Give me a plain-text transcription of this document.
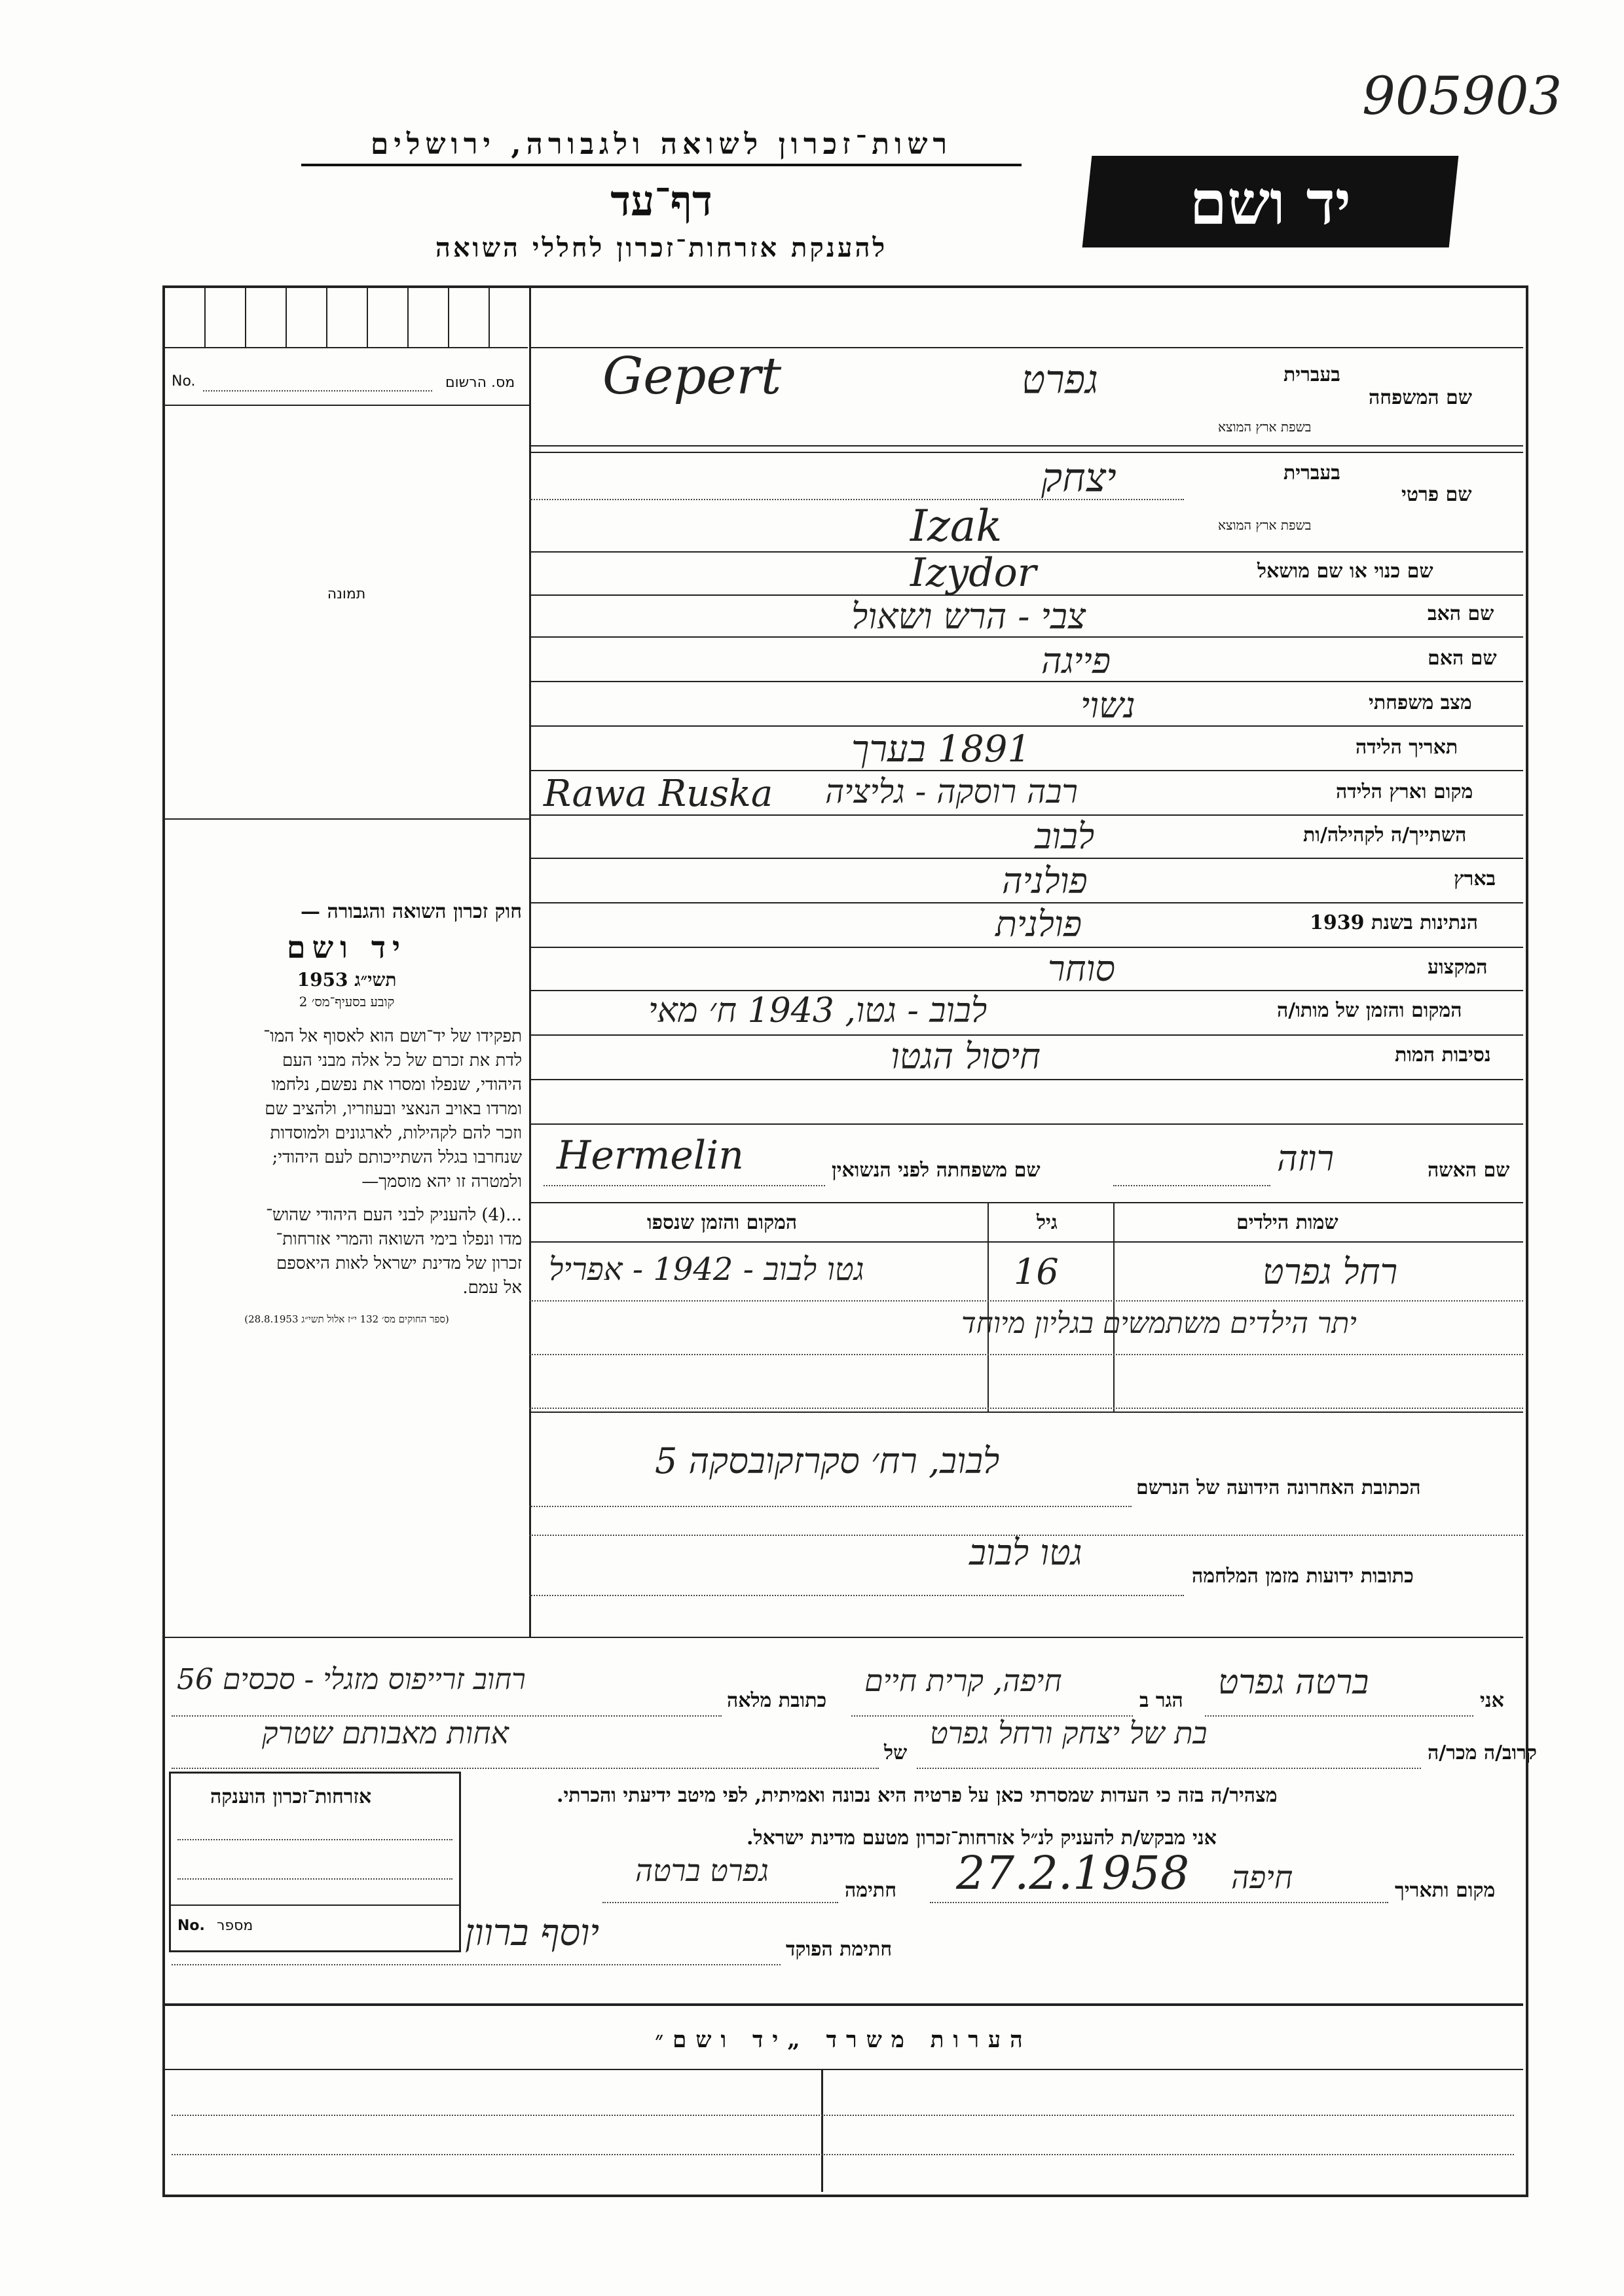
905903
רשות־זכרון לשואה ולגבורה, ירושלים
דף־עד
להענקת אזרחות־זכרון לחללי השואה
יד ושם
No.	מס. הרשום
תמונה
חוק זכרון השואה והגבורה —
יד ושם
תשי״ג 1953
קובע בסעיף־מס׳ 2
תפקידו של יד־ושם הוא לאסוף אל המו־
לדת את זכרם של כל אלה מבני העם
היהודי, שנפלו ומסרו את נפשם, נלחמו
ומרדו באויב הנאצי ובעוזריו, ולהציב שם
וזכר להם לקהילות, לארגונים ולמוסדות
שנחרבו בגלל השתייכותם לעם היהודי;
ולמטרה זו יהא מוסמך—
...(4) להעניק לבני העם היהודי שהוש־
מדו ונפלו בימי השואה והמרי אזרחות־
זכרון של מדינת ישראל לאות היאספם
אל עמם.
(ספר החוקים מס׳ 132 י״ז אלול תשי״ג 28.8.1953)
בעברית
שם המשפחה
בשפת ארץ המוצא
גפרט
Gepert
בעברית
שם פרטי
בשפת ארץ המוצא
יצחק
Izak
שם כנוי או שם מושאל
Izydor
שם האב
צבי - הרש ושאול
שם האם
פייגה
מצב משפחתי
נשוי
תאריך הלידה
1891 בערך
מקום וארץ הלידה
Rawa Ruska רבה רוסקה - גליציה
השתייך/ה לקהילה/ות
לבוב
בארץ
פולניה
הנתינות בשנת 1939
פולנית
המקצוע
סוחר
המקום והזמן של מותו/ה
לבוב - גטו, 1943 ח׳ מאי
נסיבות המות
חיסול הגטו
שם האשה
רוזה
שם משפחתה לפני הנשואין
Hermelin
שמות הילדים
גיל
המקום והזמן שנספו
רחל גפרט
16
גטו לבוב - 1942 - אפריל
יתר הילדים משתמשים בגליון מיוחד
הכתובת האחרונה הידועה של הנרשם
לבוב, רח׳ סקרזקובסקה 5
כתובות ידועות מזמן המלחמה
גטו לבוב
אני
ברטה גפרט
הגר ב
חיפה, קרית חיים
כתובת מלאה
רחוב זרייפוס מזגלי - סכסים 56
קרוב/ה מכר/ה
בת של יצחק ורחל גפרט
של
אחות מאבותם שטרק
מצהיר/ה בזה כי העדות שמסרתי כאן על פרטיה היא נכונה ואמיתית, לפי מיטב ידיעתי והכרתי.
אני מבקש/ת להעניק לנ״ל אזרחות־זכרון מטעם מדינת ישראל.
מקום ותאריך
חיפה
27.2.1958
חתימה
גפרט ברטה
חתימת הפוקד
יוסף ברוון
אזרחות־זכרון הוענקה
No. מספר
הערות משרד „יד ושם״
